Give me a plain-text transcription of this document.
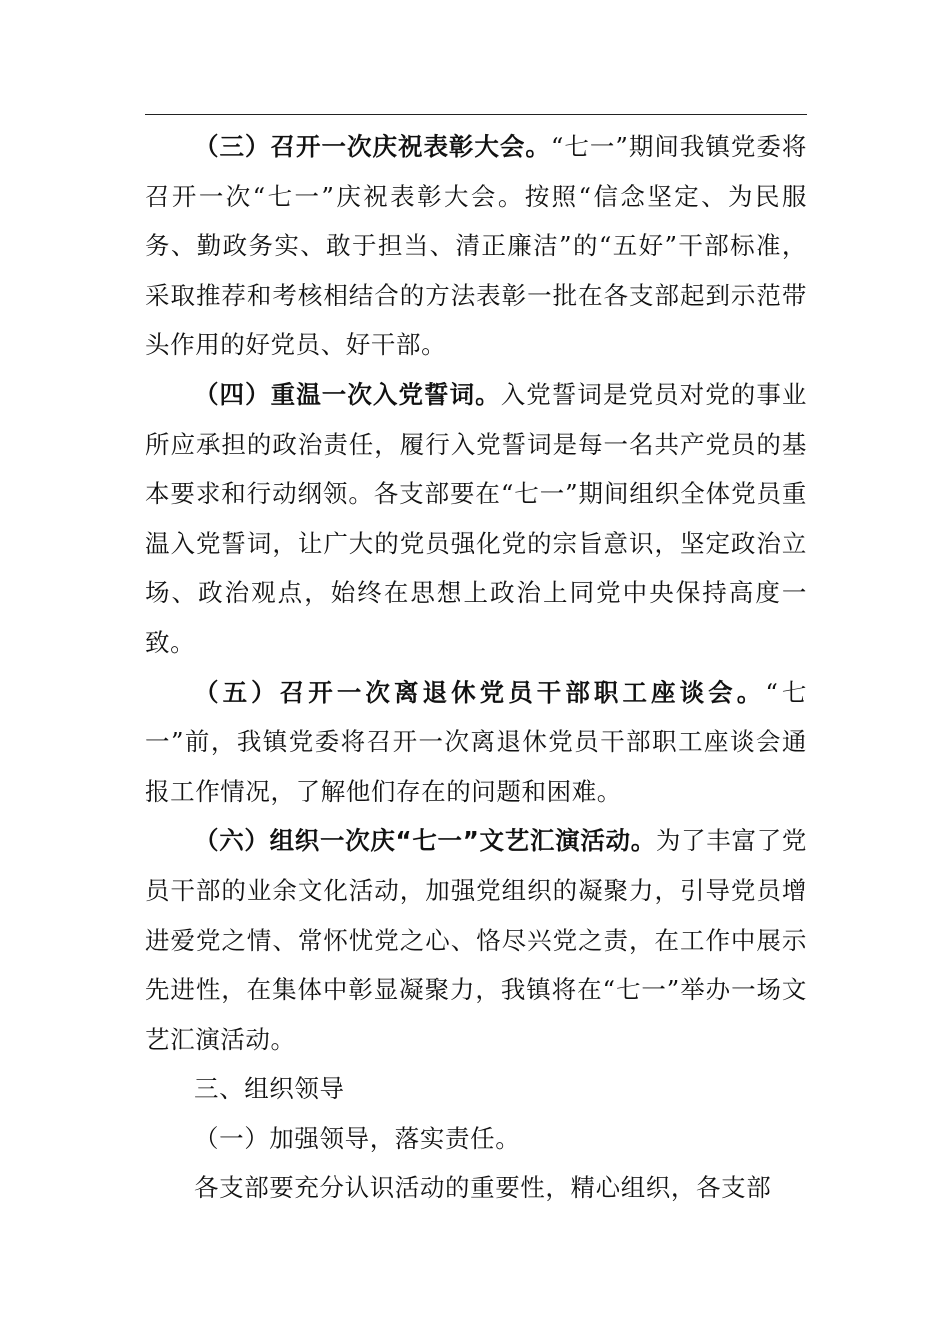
（三）召开一次庆祝表彰大会。“七一”期间我镇党委将召开一次“七一”庆祝表彰大会。按照“信念坚定、为民服务、勤政务实、敢于担当、清正廉洁”的“五好”干部标准，采取推荐和考核相结合的方法表彰一批在各支部起到示范带头作用的好党员、好干部。

（四）重温一次入党誓词。入党誓词是党员对党的事业所应承担的政治责任，履行入党誓词是每一名共产党员的基本要求和行动纲领。各支部要在“七一”期间组织全体党员重温入党誓词，让广大的党员强化党的宗旨意识，坚定政治立场、政治观点，始终在思想上政治上同党中央保持高度一致。

（五）召开一次离退休党员干部职工座谈会。“七一”前，我镇党委将召开一次离退休党员干部职工座谈会通报工作情况，了解他们存在的问题和困难。

（六）组织一次庆“七一”文艺汇演活动。为了丰富了党员干部的业余文化活动，加强党组织的凝聚力，引导党员增进爱党之情、常怀忧党之心、恪尽兴党之责，在工作中展示先进性，在集体中彰显凝聚力，我镇将在“七一”举办一场文艺汇演活动。

三、组织领导

（一）加强领导，落实责任。

各支部要充分认识活动的重要性，精心组织，各支部
